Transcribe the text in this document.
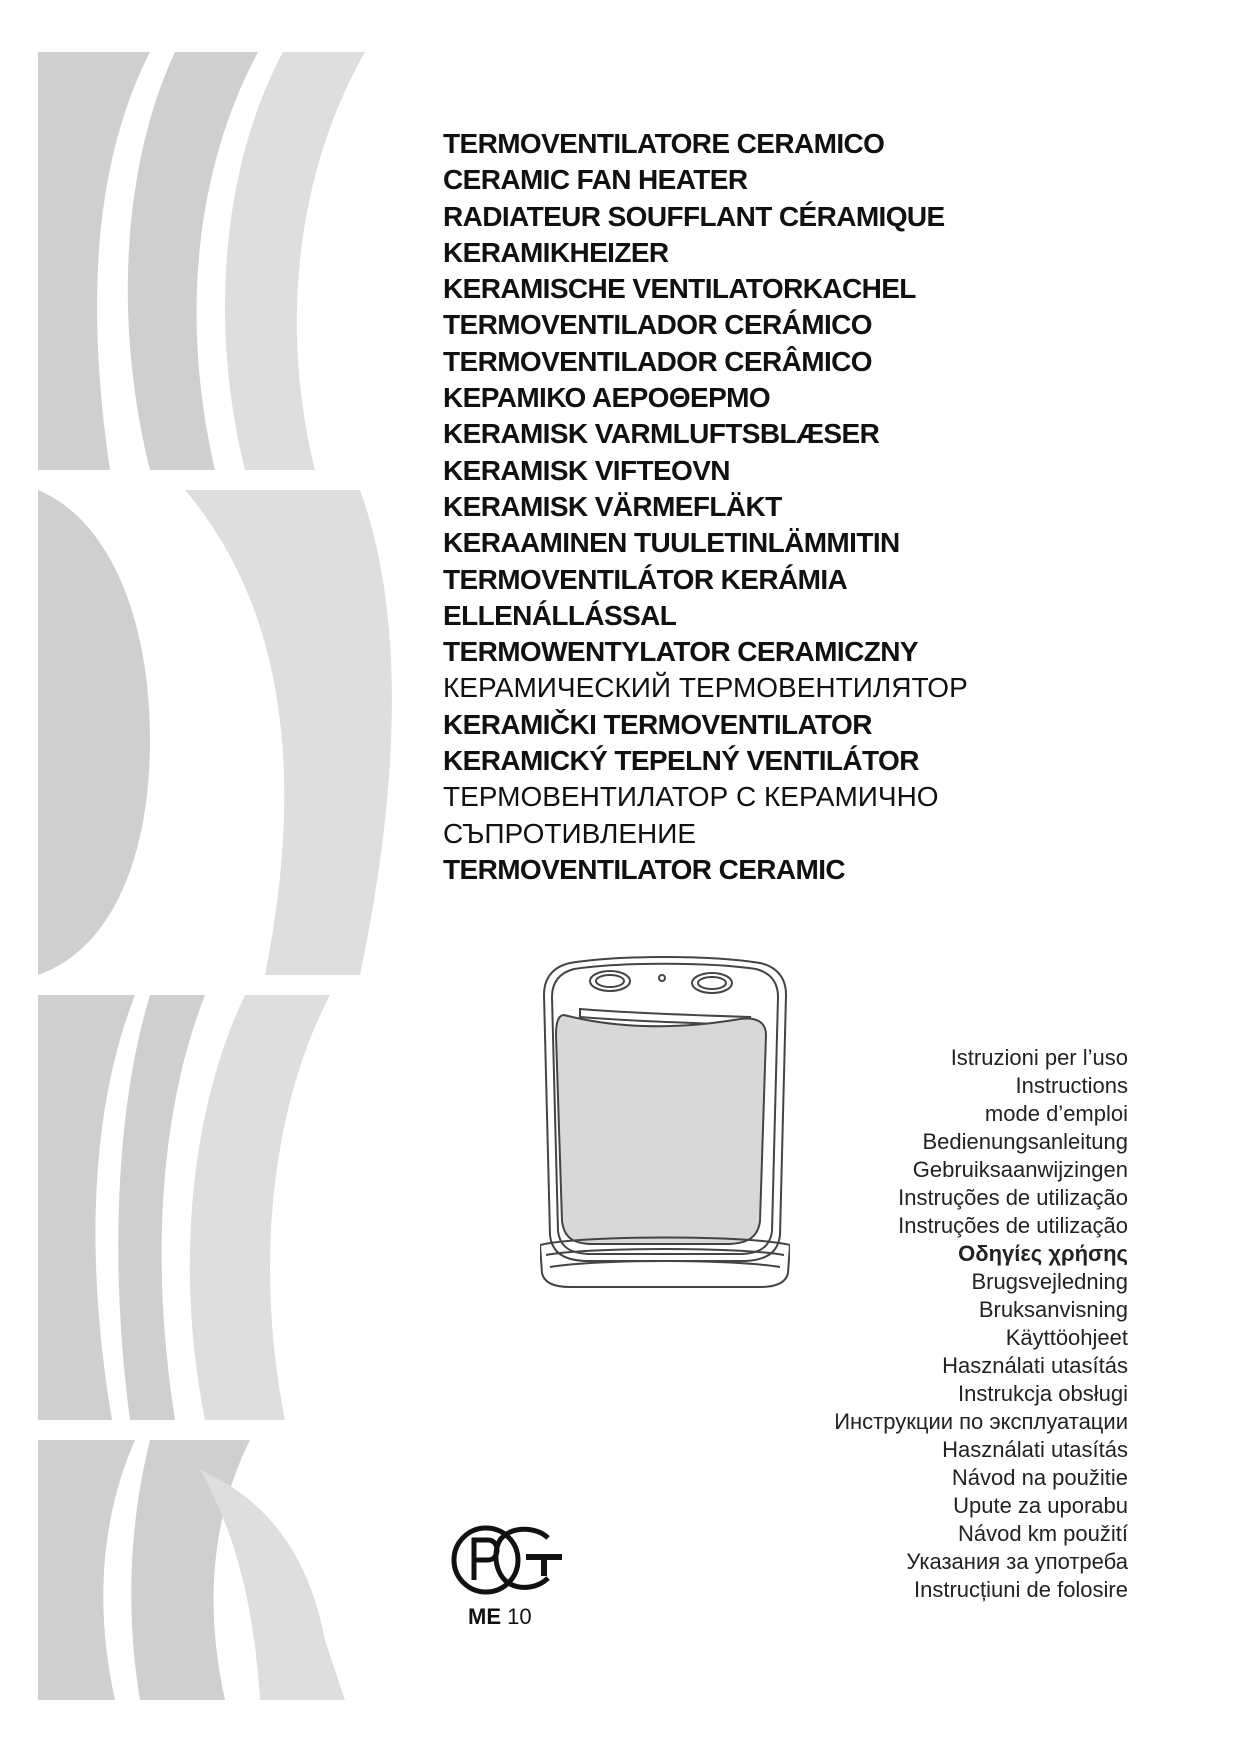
TERMOVENTILATORE CERAMICO
CERAMIC FAN HEATER
RADIATEUR SOUFFLANT CÉRAMIQUE
KERAMIKHEIZER
KERAMISCHE VENTILATORKACHEL
TERMOVENTILADOR CERÁMICO
TERMOVENTILADOR CERÂMICO
ΚΕΡΑΜΙΚΟ ΑΕΡΟΘΕΡΜΟ
KERAMISK VARMLUFTSBLÆSER
KERAMISK VIFTEOVN
KERAMISK VÄRMEFLÄKT
KERAAMINEN TUULETINLÄMMITIN
TERMOVENTILÁTOR KERÁMIA
ELLENÁLLÁSSAL
TERMOWENTYLATOR CERAMICZNY
КЕРАМИЧЕСКИЙ ТЕРМОВЕНТИЛЯТОР
KERAMIČKI TERMOVENTILATOR
KERAMICKÝ TEPELNÝ VENTILÁTOR
ТЕРМОВЕНТИЛАТОР С КЕРАМИЧНО
СЪПРОТИВЛЕНИЕ
TERMOVENTILATOR CERAMIC
Istruzioni per l’uso
Instructions
mode d’emploi
Bedienungsanleitung
Gebruiksaanwijzingen
Instruções de utilização
Instruções de utilização
Οδηγίες χρήσης
Brugsvejledning
Bruksanvisning
Käyttöohjeet
Használati utasítás
Instrukcja obsługi
Инструкции по эксплуатации
Használati utasítás
Návod na použitie
Upute za uporabu
Návod km použití
Указания за употреба
Instrucțiuni de folosire
ME 10
